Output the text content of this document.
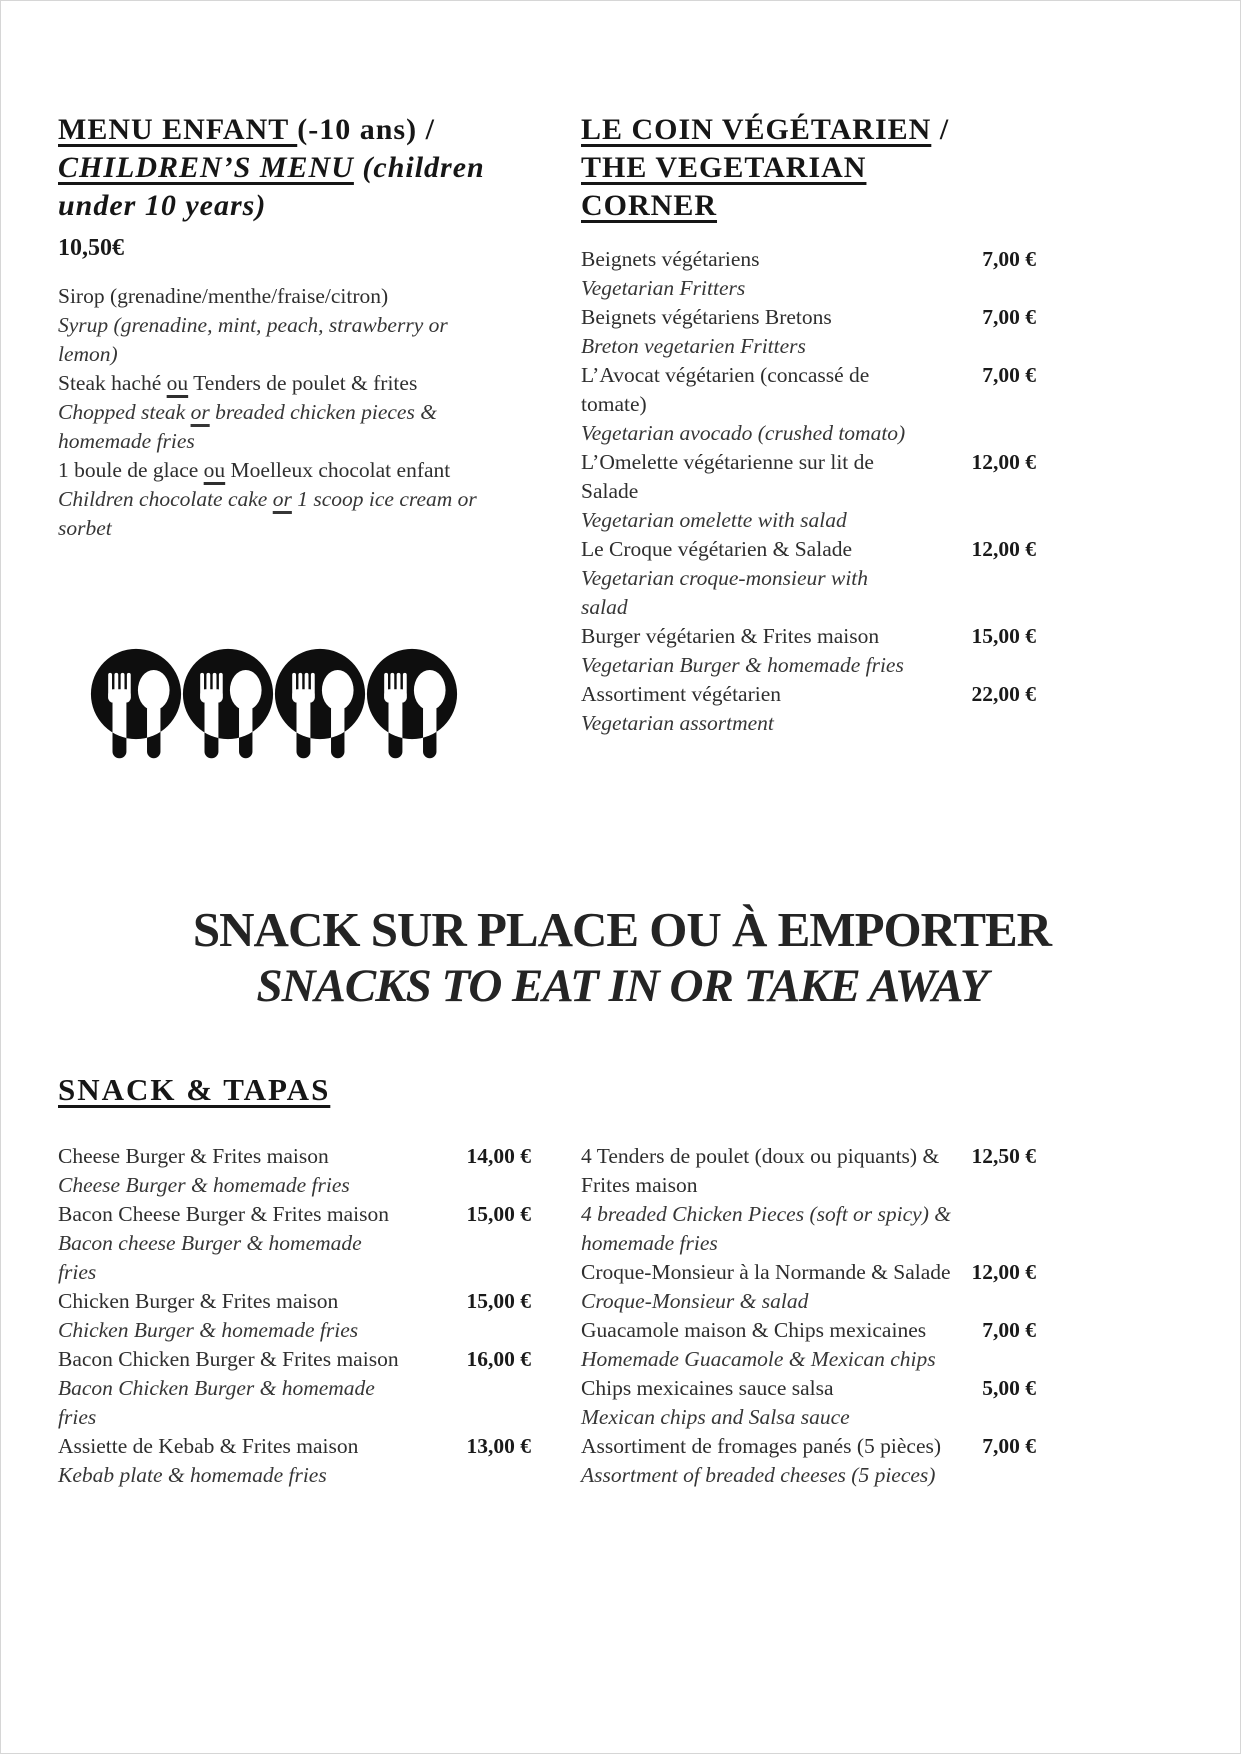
MENU ENFANT (-10 ans) /
CHILDREN’S MENU (children
under 10 years)
10,50€
Sirop (grenadine/menthe/fraise/citron)
Syrup (grenadine, mint, peach, strawberry or lemon)
Steak haché ou Tenders de poulet & frites
Chopped steak or breaded chicken pieces & homemade fries
1 boule de glace ou Moelleux chocolat enfant
Children chocolate cake or 1 scoop ice cream or sorbet
LE COIN VÉGÉTARIEN /
THE VEGETARIAN
CORNER
Beignets végétariens
Vegetarian Fritters
7,00 €
Beignets végétariens Bretons
Breton vegetarien Fritters
7,00 €
L’Avocat végétarien (concassé de tomate)
Vegetarian avocado (crushed tomato)
7,00 €
L’Omelette végétarienne sur lit de Salade
Vegetarian omelette with salad
12,00 €
Le Croque végétarien & Salade
Vegetarian croque-monsieur with salad
12,00 €
Burger végétarien & Frites maison
Vegetarian Burger & homemade fries
15,00 €
Assortiment végétarien
Vegetarian assortment
22,00 €
SNACK SUR PLACE OU À EMPORTER
SNACKS TO EAT IN OR TAKE AWAY
SNACK & TAPAS
Cheese Burger & Frites maison
Cheese Burger & homemade fries
14,00 €
Bacon Cheese Burger & Frites maison
Bacon cheese Burger & homemade fries
15,00 €
Chicken Burger & Frites maison
Chicken Burger & homemade fries
15,00 €
Bacon Chicken Burger & Frites maison
Bacon Chicken Burger & homemade fries
16,00 €
Assiette de Kebab & Frites maison
Kebab plate & homemade fries
13,00 €
4 Tenders de poulet (doux ou piquants) & Frites maison
4 breaded Chicken Pieces (soft or spicy) & homemade fries
12,50 €
Croque-Monsieur à la Normande & Salade
Croque-Monsieur & salad
12,00 €
Guacamole maison & Chips mexicaines
Homemade Guacamole & Mexican chips
7,00 €
Chips mexicaines sauce salsa
Mexican chips and Salsa sauce
5,00 €
Assortiment de fromages panés (5 pièces)
Assortment of breaded cheeses (5 pieces)
7,00 €
